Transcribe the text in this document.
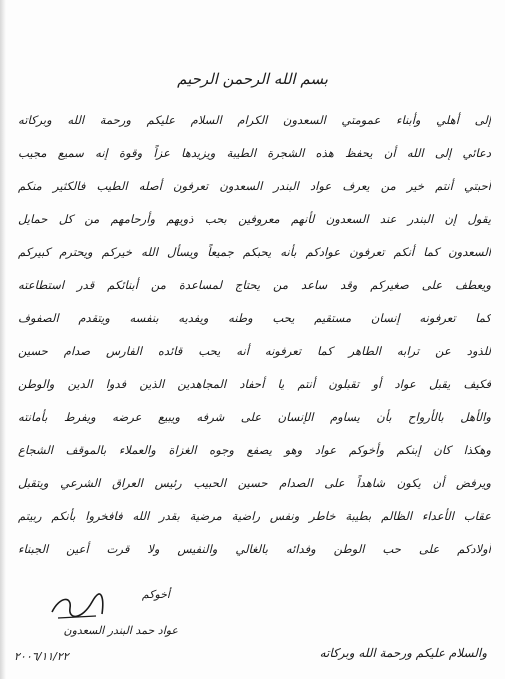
بسم الله الرحمن الرحيم
إلى أهلي وأبناء عمومتي السعدون الكرام السلام عليكم ورحمة الله وبركاته
دعائي إلى الله أن يحفظ هذه الشجرة الطيبة ويزيدها عزاً وقوة إنه سميع مجيب
أحبتي أنتم خير من يعرف عواد البندر السعدون تعرفون أصله الطيب فالكثير منكم
يقول إن البندر عند السعدون لأنهم معروفين بحب ذويهم وأرحامهم من كل حمايل
السعدون كما أنكم تعرفون عوادكم بأنه يحبكم جميعاً ويسأل الله خيركم ويحترم كبيركم
ويعطف على صغيركم وقد ساعد من يحتاج لمساعدة من أبنائكم قدر استطاعته
كما تعرفونه إنسان مستقيم يحب وطنه ويفديه بنفسه ويتقدم الصفوف
للذود عن ترابه الطاهر كما تعرفونه أنه يحب قائده الفارس صدام حسين
فكيف يقبل عواد أو تقبلون أنتم يا أحفاد المجاهدين الذين فدوا الدين والوطن
والأهل بالأرواح بأن يساوم الإنسان على شرفه ويبيع عرضه ويفرط بأمانته
وهكذا كان إبنكم وأخوكم عواد وهو يصفع وجوه الغزاة والعملاء بالموقف الشجاع
ويرفض أن يكون شاهداً على الصدام حسين الحبيب رئيس العراق الشرعي ويتقبل
عقاب الأعداء الظالم بطيبة خاطر ونفس راضية مرضية بقدر الله فافخروا بأنكم ربيتم
أولادكم على حب الوطن وفدائه بالغالي والنفيس ولا قرت أعين الجبناء
أخوكم
عواد حمد البندر السعدون
٢٠٠٦/١١/٢٢	والسلام عليكم ورحمة الله وبركاته
